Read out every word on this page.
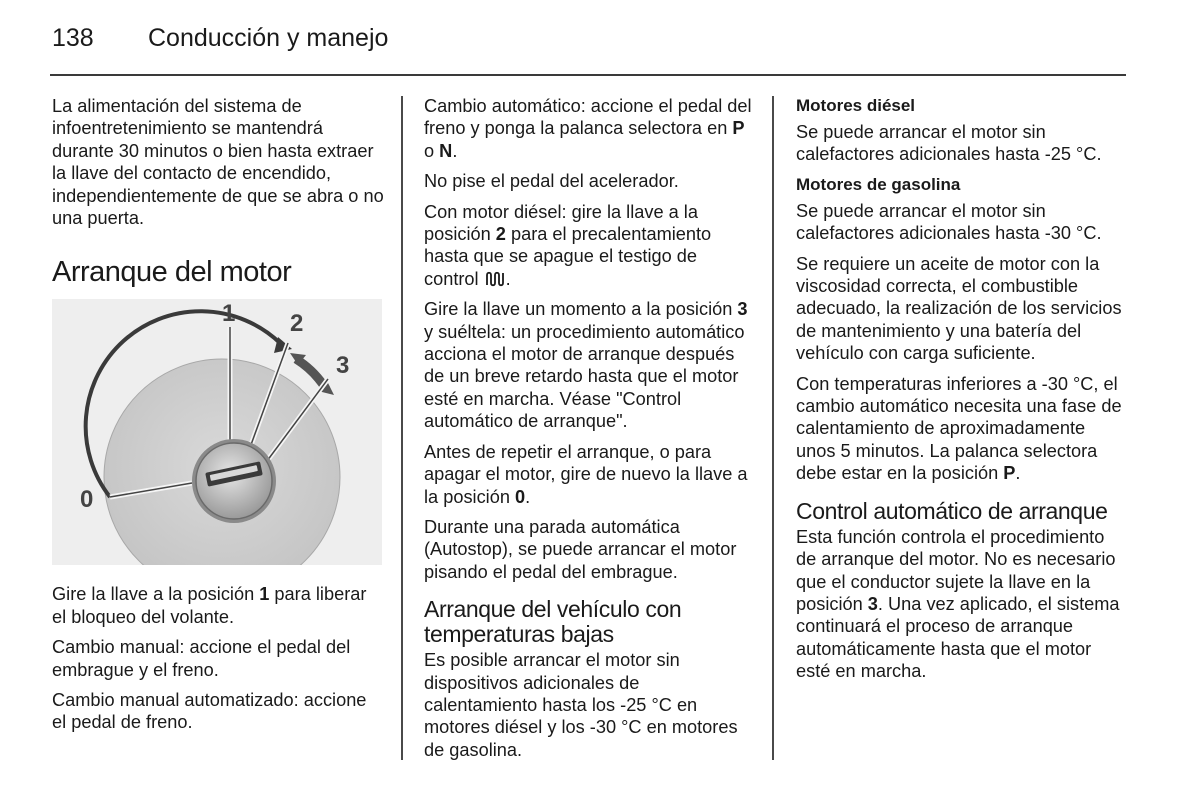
138 Conducción y manejo

La alimentación del sistema de infoentretenimiento se mantendrá durante 30 minutos o bien hasta extraer la llave del contacto de encendido, independientemente de que se abra o no una puerta.

Arranque del motor
0
1 2
3

Gire la llave a la posición 1 para liberar el bloqueo del volante.

Cambio manual: accione el pedal del embrague y el freno.

Cambio manual automatizado: accione el pedal de freno.

Cambio automático: accione el pedal del freno y ponga la palanca selectora en P o N.

No pise el pedal del acelerador.

Con motor diésel: gire la llave a la posición 2 para el precalentamiento hasta que se apague el testigo de control .

Gire la llave un momento a la posición 3 y suéltela: un procedimiento automático acciona el motor de arranque después de un breve retardo hasta que el motor esté en marcha. Véase "Control automático de arranque".

Antes de repetir el arranque, o para apagar el motor, gire de nuevo la llave a la posición 0.

Durante una parada automática (Autostop), se puede arrancar el motor pisando el pedal del embrague.

Arranque del vehículo con temperaturas bajas

Es posible arrancar el motor sin dispositivos adicionales de calentamiento hasta los -25 °C en motores diésel y los -30 °C en motores de gasolina.

Motores diésel

Se puede arrancar el motor sin calefactores adicionales hasta -25 °C.

Motores de gasolina

Se puede arrancar el motor sin calefactores adicionales hasta -30 °C.

Se requiere un aceite de motor con la viscosidad correcta, el combustible adecuado, la realización de los servicios de mantenimiento y una batería del vehículo con carga suficiente.

Con temperaturas inferiores a -30 °C, el cambio automático necesita una fase de calentamiento de aproximadamente unos 5 minutos. La palanca selectora debe estar en la posición P.

Control automático de arranque

Esta función controla el procedimiento de arranque del motor. No es necesario que el conductor sujete la llave en la posición 3. Una vez aplicado, el sistema continuará el proceso de arranque automáticamente hasta que el motor esté en marcha.
